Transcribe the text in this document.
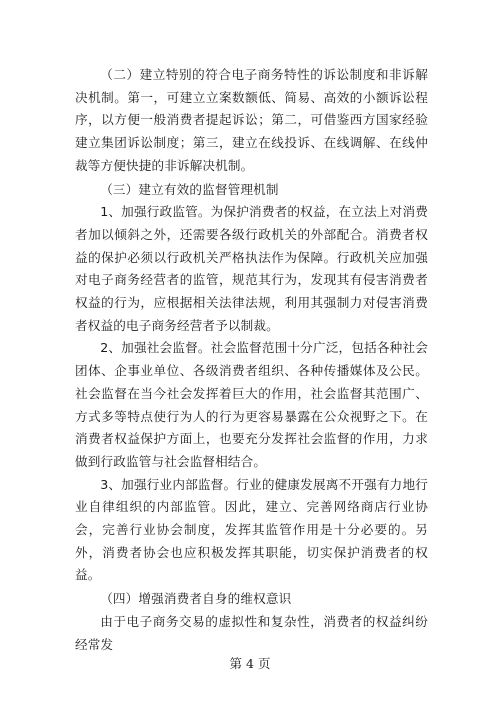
（二）建立特别的符合电子商务特性的诉讼制度和非诉解决机制。第一，可建立立案数额低、简易、高效的小额诉讼程序，以方便一般消费者提起诉讼；第二，可借鉴西方国家经验建立集团诉讼制度；第三，建立在线投诉、在线调解、在线仲裁等方便快捷的非诉解决机制。

（三）建立有效的监督管理机制

1、加强行政监管。为保护消费者的权益，在立法上对消费者加以倾斜之外，还需要各级行政机关的外部配合。消费者权益的保护必须以行政机关严格执法作为保障。行政机关应加强对电子商务经营者的监管，规范其行为，发现其有侵害消费者权益的行为，应根据相关法律法规，利用其强制力对侵害消费者权益的电子商务经营者予以制裁。

2、加强社会监督。社会监督范围十分广泛，包括各种社会团体、企事业单位、各级消费者组织、各种传播媒体及公民。社会监督在当今社会发挥着巨大的作用，社会监督其范围广、方式多等特点使行为人的行为更容易暴露在公众视野之下。在消费者权益保护方面上，也要充分发挥社会监督的作用，力求做到行政监管与社会监督相结合。

3、加强行业内部监督。行业的健康发展离不开强有力地行业自律组织的内部监管。因此，建立、完善网络商店行业协会，完善行业协会制度，发挥其监管作用是十分必要的。另外，消费者协会也应积极发挥其职能，切实保护消费者的权益。

（四）增强消费者自身的维权意识

由于电子商务交易的虚拟性和复杂性，消费者的权益纠纷经常发

第 4 页
